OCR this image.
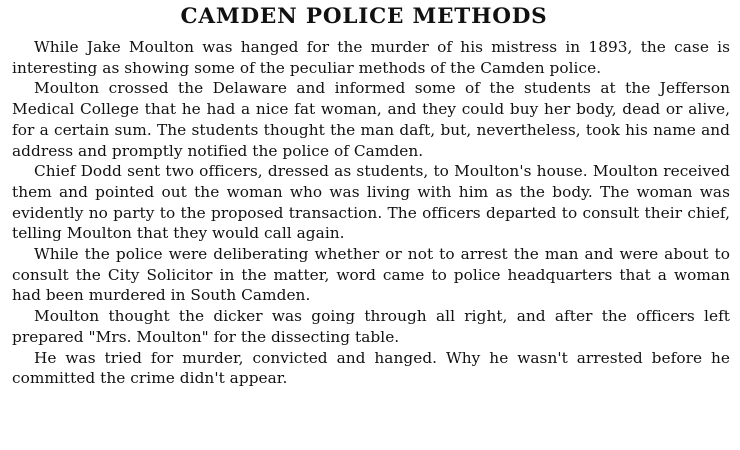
CAMDEN POLICE METHODS

While Jake Moulton was hanged for the murder of his mistress in 1893, the case is interesting as showing some of the peculiar methods of the Camden police.

Moulton crossed the Delaware and informed some of the students at the Jefferson Medical College that he had a nice fat woman, and they could buy her body, dead or alive, for a certain sum. The students thought the man daft, but, nevertheless, took his name and address and promptly notified the police of Camden.

Chief Dodd sent two officers, dressed as students, to Moulton's house. Moulton received them and pointed out the woman who was living with him as the body. The woman was evidently no party to the proposed transaction. The officers departed to consult their chief, telling Moulton that they would call again.

While the police were deliberating whether or not to arrest the man and were about to consult the City Solicitor in the matter, word came to police headquarters that a woman had been murdered in South Camden.

Moulton thought the dicker was going through all right, and after the officers left prepared "Mrs. Moulton" for the dissecting table.

He was tried for murder, convicted and hanged. Why he wasn't arrested before he committed the crime didn't appear.
